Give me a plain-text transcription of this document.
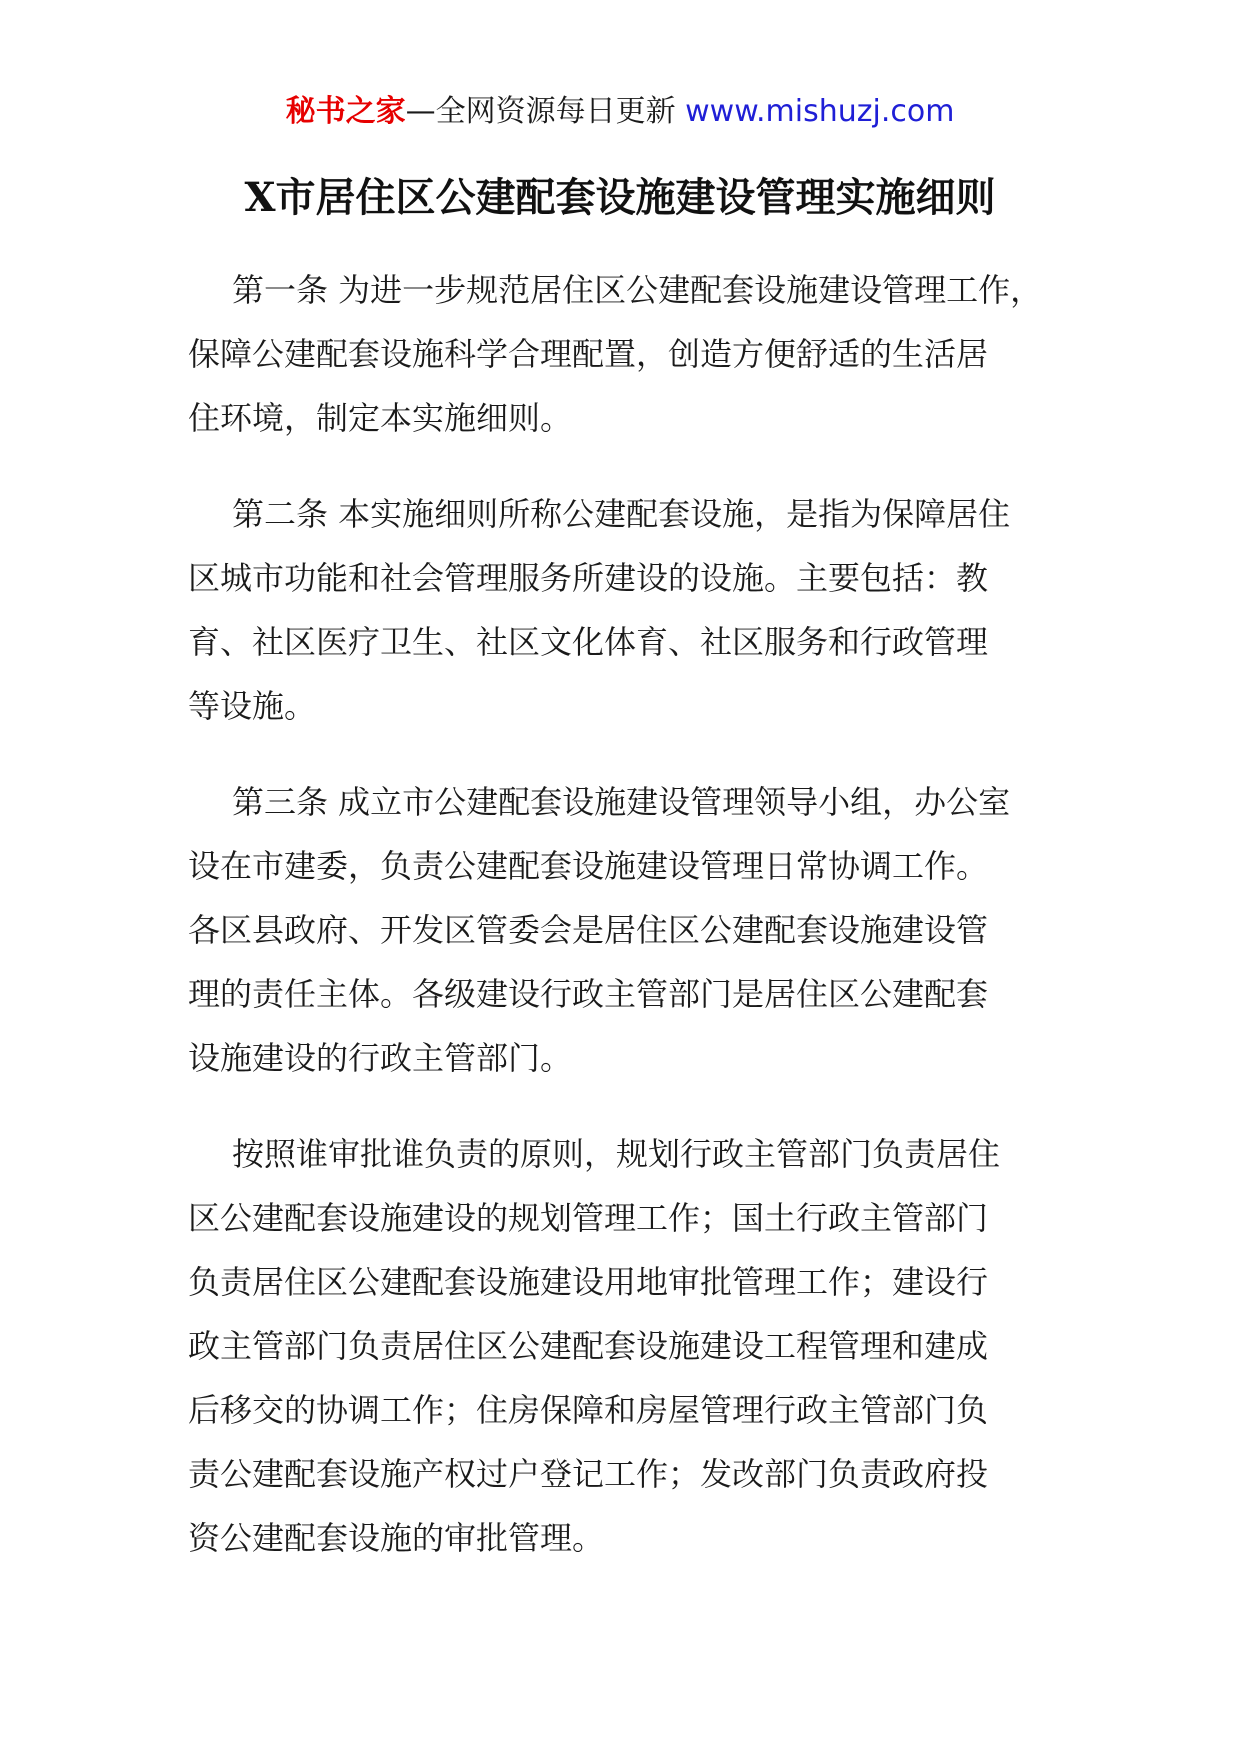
秘书之家—全网资源每日更新 www.mishuzj.com
X市居住区公建配套设施建设管理实施细则
第一条 为进一步规范居住区公建配套设施建设管理工作，
保障公建配套设施科学合理配置，创造方便舒适的生活居
住环境，制定本实施细则。
第二条 本实施细则所称公建配套设施，是指为保障居住
区城市功能和社会管理服务所建设的设施。主要包括：教
育、社区医疗卫生、社区文化体育、社区服务和行政管理
等设施。
第三条 成立市公建配套设施建设管理领导小组，办公室
设在市建委，负责公建配套设施建设管理日常协调工作。
各区县政府、开发区管委会是居住区公建配套设施建设管
理的责任主体。各级建设行政主管部门是居住区公建配套
设施建设的行政主管部门。
按照谁审批谁负责的原则，规划行政主管部门负责居住
区公建配套设施建设的规划管理工作；国土行政主管部门
负责居住区公建配套设施建设用地审批管理工作；建设行
政主管部门负责居住区公建配套设施建设工程管理和建成
后移交的协调工作；住房保障和房屋管理行政主管部门负
责公建配套设施产权过户登记工作；发改部门负责政府投
资公建配套设施的审批管理。
